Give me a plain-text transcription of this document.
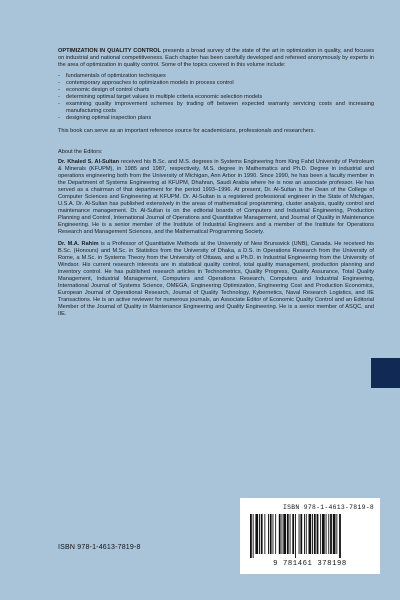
OPTIMIZATION IN QUALITY CONTROL presents a broad survey of the state of the art in optimization in quality, and focuses on industrial and national competitiveness. Each chapter has been carefully developed and refereed anonymously by experts in the area of optimization in quality control. Some of the topics covered in this volume include:

- fundamentals of optimization techniques
- contemporary approaches to optimization models in process control
- economic design of control charts
- determining optimal target values in multiple criteria economic selection models
- examining quality improvement schemes by trading off between expected warranty servicing costs and increasing manufacturing costs
- designing optimal inspection plans

This book can serve as an important reference source for academicians, professionals and researchers.

About the Editors:

Dr. Khaled S. Al-Sultan received his B.Sc. and M.S. degrees in Systems Engineering from King Fahd University of Petroleum & Minerals (KFUPM), in 1985 and 1987, respectively, M.S. degree in Mathematics and Ph.D. Degree in industrial and operations engineering both from the University of Michigan, Ann Arbor in 1990. Since 1990, he has been a faculty member in the Department of Systems Engineering at KFUPM, Dhahran, Saudi Arabia where he is now an associate professor. He has served as a chairman of that department for the period 1993–1996. At present, Dr. Al-Sultan is the Dean of the College of Computer Sciences and Engineering at KFUPM. Dr. Al-Sultan is a registered professional engineer in the State of Michigan, U.S.A. Dr. Al-Sultan has published extensively in the areas of mathematical programming, cluster analysis, quality control and maintenance management. Dr. Al-Sultan is on the editorial boards of Computers and Industrial Engineering, Production Planning and Control, International Journal of Operations and Quantitative Management, and Journal of Quality in Maintenance Engineering. He is a senior member of the Institute of Industrial Engineers and a member of the Institute for Operations Research and Management Sciences, and the Mathematical Programming Society.

Dr. M.A. Rahim is a Professor of Quantitative Methods at the University of New Brunswick (UNB), Canada. He received his B.Sc. (Honours) and M.Sc. in Statistics from the University of Dhaka, a D.S. in Operations Research from the University of Rome, a M.Sc. in Systems Theory from the University of Ottawa, and a Ph.D. in Industrial Engineering from the University of Windsor. His current research interests are in statistical quality control, total quality management, production planning and inventory control. He has published research articles in Technometrics, Quality Progress, Quality Assurance, Total Quality Management, Industrial Management, Computers and Operations Research, Computers and Industrial Engineering, International Journal of Systems Science, OMEGA, Engineering Optimization, Engineering Cost and Production Economics, European Journal of Operational Research, Journal of Quality Technology, Kybernetics, Naval Research Logistics, and IIE Transactions. He is an active reviewer for numerous journals, an Associate Editor of Economic Quality Control and an Editorial Member of the Journal of Quality in Maintenance Engineering and Quality Engineering. He is a senior member of ASQC, and IIE.

ISBN 978-1-4613-7819-8
ISBN 978-1-4613-7819-8
9 781461 378198
